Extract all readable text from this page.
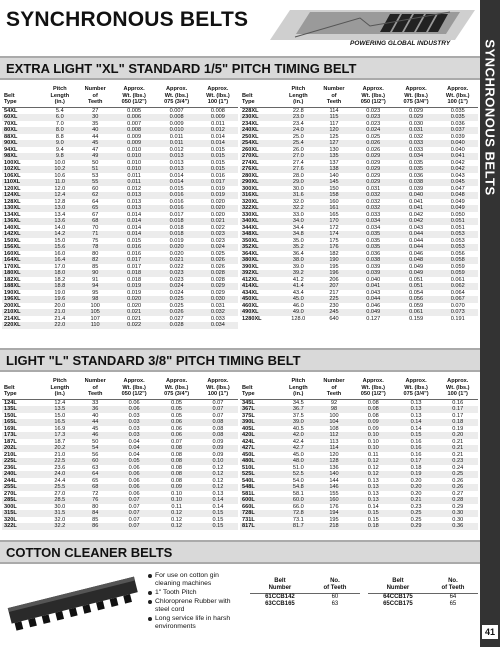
SYNCHRONOUS BELTS
POWERING GLOBAL INDUSTRY SYNCHRONOUS BELTS
41
EXTRA LIGHT "XL" STANDARD 1/5" PITCH TIMING BELT
Belt
Type	Pitch
Length
(in.)	Number
of
Teeth	Approx.
Wt. (lbs.)
050 (1/2")	Approx.
Wt. (lbs.)
075 (3/4")	Approx.
Wt. (lbs.)
100 (1")
54XL	5.4	27	0.005	0.007	0.008
60XL	6.0	30	0.006	0.008	0.009
70XL	7.0	35	0.007	0.009	0.011
80XL	8.0	40	0.008	0.010	0.012
88XL	8.8	44	0.009	0.011	0.014
90XL	9.0	45	0.009	0.011	0.014
94XL	9.4	47	0.010	0.012	0.015
98XL	9.8	49	0.010	0.013	0.015
100XL	10.0	50	0.010	0.013	0.015
102XL	10.2	51	0.010	0.013	0.015
106XL	10.6	53	0.011	0.014	0.016
110XL	11.0	55	0.011	0.014	0.017
120XL	12.0	60	0.012	0.015	0.019
124XL	12.4	62	0.013	0.016	0.019
128XL	12.8	64	0.013	0.016	0.020
130XL	13.0	65	0.013	0.016	0.020
134XL	13.4	67	0.014	0.017	0.020
136XL	13.6	68	0.014	0.018	0.021
140XL	14.0	70	0.014	0.018	0.022
142XL	14.2	71	0.014	0.018	0.023
150XL	15.0	75	0.015	0.019	0.023
156XL	15.6	78	0.016	0.020	0.024
160XL	16.0	80	0.016	0.020	0.025
164XL	16.4	82	0.017	0.021	0.026
170XL	17.0	85	0.017	0.022	0.026
180XL	18.0	90	0.018	0.023	0.028
182XL	18.2	91	0.018	0.023	0.028
188XL	18.8	94	0.019	0.024	0.029
190XL	19.0	95	0.019	0.024	0.029
196XL	19.6	98	0.020	0.025	0.030
200XL	20.0	100	0.020	0.025	0.031
210XL	21.0	105	0.021	0.026	0.032
214XL	21.4	107	0.021	0.027	0.033
220XL	22.0	110	0.022	0.028	0.034
Belt
Type	Pitch
Length
(in.)	Number
of
Teeth	Approx.
Wt. (lbs.)
050 (1/2")	Approx.
Wt. (lbs.)
075 (3/4")	Approx.
Wt. (lbs.)
100 (1")
228XL	22.8	114	0.023	0.029	0.035
230XL	23.0	115	0.023	0.029	0.035
234XL	23.4	117	0.023	0.030	0.036
240XL	24.0	120	0.024	0.031	0.037
250XL	25.0	125	0.025	0.032	0.039
254XL	25.4	127	0.026	0.033	0.040
260XL	26.0	130	0.026	0.033	0.040
270XL	27.0	135	0.029	0.034	0.041
274XL	27.4	137	0.029	0.035	0.042
276XL	27.6	138	0.029	0.035	0.042
280XL	28.0	140	0.029	0.036	0.043
290XL	29.0	145	0.029	0.038	0.045
300XL	30.0	150	0.031	0.039	0.047
316XL	31.6	158	0.032	0.040	0.048
320XL	32.0	160	0.032	0.041	0.049
322XL	32.2	161	0.032	0.041	0.049
330XL	33.0	165	0.033	0.042	0.050
340XL	34.0	170	0.034	0.042	0.051
344XL	34.4	172	0.034	0.043	0.051
348XL	34.8	174	0.035	0.044	0.053
350XL	35.0	175	0.035	0.044	0.053
352XL	35.2	176	0.035	0.044	0.053
364XL	36.4	182	0.036	0.046	0.056
380XL	38.0	190	0.038	0.048	0.058
390XL	39.0	195	0.039	0.049	0.059
392XL	39.2	196	0.039	0.049	0.059
412XL	41.2	206	0.040	0.051	0.061
414XL	41.4	207	0.041	0.051	0.062
434XL	43.4	217	0.043	0.054	0.064
450XL	45.0	225	0.044	0.056	0.067
460XL	46.0	230	0.046	0.059	0.070
490XL	49.0	245	0.049	0.061	0.073
1280XL	128.0	640	0.127	0.159	0.191
LIGHT "L" STANDARD 3/8" PITCH TIMING BELT
Belt
Type	Pitch
Length
(in.)	Number
of
Teeth	Approx.
Wt. (lbs.)
050 (1/2")	Approx.
Wt. (lbs.)
075 (3/4")	Approx.
Wt. (lbs.)
100 (1")
124L	12.4	33	0.06	0.05	0.07
135L	13.5	36	0.06	0.05	0.07
150L	15.0	40	0.03	0.05	0.07
165L	16.5	44	0.03	0.06	0.08
169L	16.9	45	0.03	0.06	0.08
173L	17.3	46	0.03	0.06	0.08
187L	18.7	50	0.04	0.07	0.09
202L	20.2	54	0.04	0.08	0.09
210L	21.0	56	0.04	0.08	0.09
225L	22.5	60	0.05	0.08	0.10
236L	23.6	63	0.06	0.08	0.12
240L	24.0	64	0.06	0.08	0.12
244L	24.4	65	0.06	0.08	0.12
255L	25.5	68	0.06	0.09	0.12
270L	27.0	72	0.06	0.10	0.13
285L	28.5	76	0.07	0.10	0.14
300L	30.0	80	0.07	0.11	0.14
315L	31.5	84	0.07	0.12	0.15
320L	32.0	85	0.07	0.12	0.15
322L	32.2	86	0.07	0.12	0.15
Belt
Type	Pitch
Length
(in.)	Number
of
Teeth	Approx.
Wt. (lbs.)
050 (1/2")	Approx.
Wt. (lbs.)
075 (3/4")	Approx.
Wt. (lbs.)
100 (1")
345L	34.5	92	0.08	0.13	0.16
367L	36.7	98	0.08	0.13	0.17
375L	37.5	100	0.08	0.13	0.17
390L	39.0	104	0.09	0.14	0.18
405L	40.5	108	0.09	0.14	0.19
420L	42.0	112	0.10	0.15	0.20
424L	42.4	113	0.10	0.16	0.21
427L	42.7	114	0.10	0.16	0.21
450L	45.0	120	0.11	0.16	0.21
480L	48.0	128	0.12	0.17	0.23
510L	51.0	136	0.12	0.18	0.24
525L	52.5	140	0.12	0.19	0.25
540L	54.0	144	0.13	0.20	0.26
548L	54.8	146	0.13	0.20	0.26
581L	58.1	155	0.13	0.20	0.27
600L	60.0	160	0.13	0.21	0.28
660L	66.0	176	0.14	0.23	0.29
728L	72.8	194	0.15	0.25	0.30
731L	73.1	195	0.15	0.25	0.30
817L	81.7	218	0.18	0.29	0.36
COTTON CLEANER BELTS
For use on cotton gin cleaning machines
1" Tooth Pitch
Chloroprene Rubber with steel cord
Long service life in harsh environments
Belt
Number	No.
of Teeth
61CCB142	60
63CCB165	63
Belt
Number	No.
of Teeth
64CCB175	64
65CCB175	65
